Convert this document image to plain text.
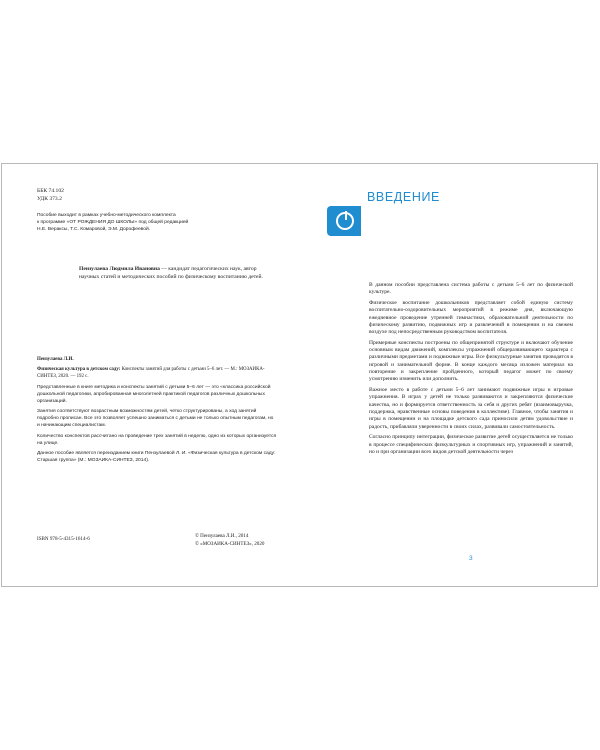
ББК 74.102
УДК 373.2
Пособие выходит в рамках учебно-методического комплекта
к программе «ОТ РОЖДЕНИЯ ДО ШКОЛЫ» под общей редакцией
Н.Е. Вераксы, Т.С. Комаровой, Э.М. Дорофеевой.
Пензулаева Людмила Ивановна — кандидат педагогических наук, автор научных статей и методических пособий по физическому воспитанию детей.

Пензулаева Л.И.

Физическая культура в детском саду: Конспекты занятий для работы с детьми 5–6 лет. — М.: МОЗАИКА-СИНТЕЗ, 2020. — 192 с.

Представленные в книге методика и конспекты занятий с детьми 5–6 лет — это «классика российской дошкольной педагогики, апробированная многолетней практикой педагогов различных дошкольных организаций.

Занятия соответствуют возрастным возможностям детей, четко структурированы, а ход занятий подробно прописан. Все это позволяет успешно заниматься с детьми не только опытным педагогам, но и начинающим специалистам.

Количество конспектов рассчитано на проведение трех занятий в неделю, одно из которых организуется на улице.

Данное пособие является переизданием книги Пензулаевой Л. И. «Физическая культура в детском саду: Старшая группа» (М.: МОЗАИКА-СИНТЕЗ, 2014).

ISBN 978-5-4315-1614-6	© Пензулаева Л.И., 2014
© «МОЗАИКА-СИНТЕЗ», 2020
ВВЕДЕНИЕ

В данном пособии представлена система работы с детьми 5–6 лет по физической культуре.

Физическое воспитание дошкольников представляет собой единую систему воспитательно-оздоровительных мероприятий в режиме дня, включающую ежедневное проведение утренней гимнастики, образовательной деятельности по физическому развитию, подвижных игр и развлечений в помещении и на свежем воздухе под непосредственным руководством воспитателя.

Примерные конспекты построены по общепринятой структуре и включают обучение основным видам движений, комплексы упражнений общеразвивающего характера с различными предметами и подвижные игры. Все физкультурные занятия проводятся в игровой и занимательной форме. В конце каждого месяца изложен материал на повторение и закрепление пройденного, который педагог может по своему усмотрению изменить или дополнить.

Важное место в работе с детьми 5–6 лет занимают подвижные игры и игровые упражнения. В играх у детей не только развиваются и закрепляются физические качества, но и формируется ответственность за себя и других ребят (взаимовыручка, поддержка, нравственные основы поведения в коллективе). Главное, чтобы занятия и игры в помещении и на площадке детского сада приносили детям удовольствие и радость, прибавляли уверенности в своих силах, развивали самостоятельность.

Согласно принципу интеграции, физическое развитие детей осуществляется не только в процессе специфических физкультурных и спортивных игр, упражнений и занятий, но и при организации всех видов детской деятельности через

3
